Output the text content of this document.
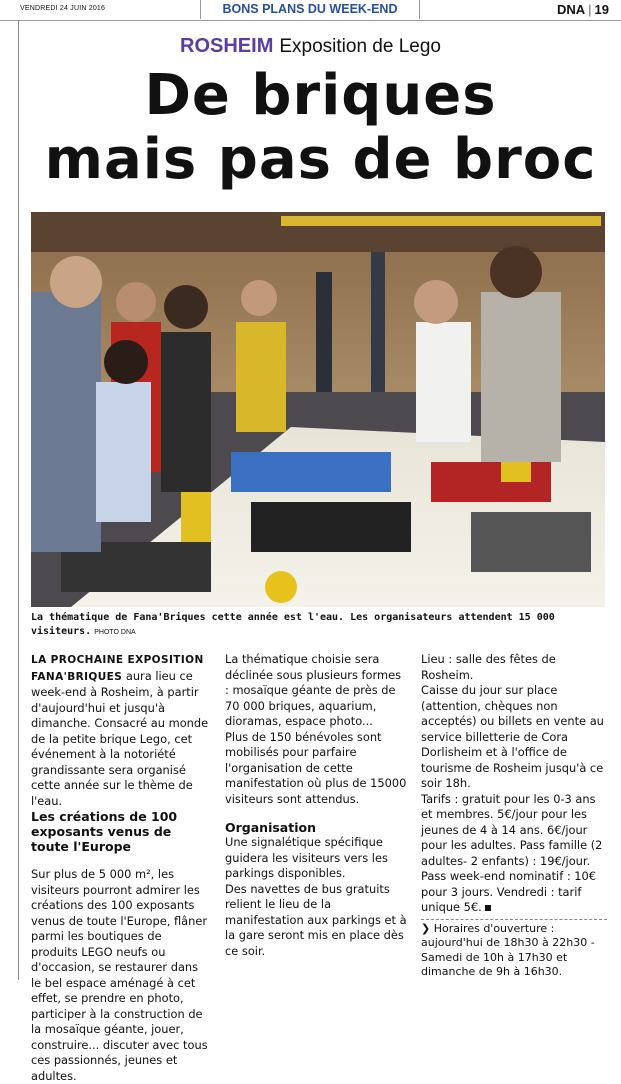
VENDREDI 24 JUIN 2016	BONS PLANS DU WEEK-END	DNA | 19
ROSHEIM Exposition de Lego
De briques
mais pas de broc
La thématique de Fana'Briques cette année est l'eau. Les organisateurs attendent 15 000 visiteurs. PHOTO DNA

LA PROCHAINE EXPOSITION FANA'BRIQUES aura lieu ce week-end à Rosheim, à partir d'aujourd'hui et jusqu'à dimanche. Consacré au monde de la petite brique Lego, cet événement à la notoriété grandissante sera organisé cette année sur le thème de l'eau.

Les créations de 100 exposants venus de toute l'Europe

Sur plus de 5 000 m², les visiteurs pourront admirer les créations des 100 exposants venus de toute l'Europe, flâner parmi les boutiques de produits LEGO neufs ou d'occasion, se restaurer dans le bel espace aménagé à cet effet, se prendre en photo, participer à la construction de la mosaïque géante, jouer, construire... discuter avec tous ces passionnés, jeunes et adultes.

La thématique choisie sera déclinée sous plusieurs formes : mosaïque géante de près de 70 000 briques, aquarium, dioramas, espace photo...

Plus de 150 bénévoles sont mobilisés pour parfaire l'organisation de cette manifestation où plus de 15000 visiteurs sont attendus.

Organisation

Une signalétique spécifique guidera les visiteurs vers les parkings disponibles.

Des navettes de bus gratuits relient le lieu de la manifestation aux parkings et à la gare seront mis en place dès ce soir.

Lieu : salle des fêtes de Rosheim.

Caisse du jour sur place (attention, chèques non acceptés) ou billets en vente au service billetterie de Cora Dorlisheim et à l'office de tourisme de Rosheim jusqu'à ce soir 18h.

Tarifs : gratuit pour les 0-3 ans et membres. 5€/jour pour les jeunes de 4 à 14 ans. 6€/jour pour les adultes. Pass famille (2 adultes- 2 enfants) : 19€/jour. Pass week-end nominatif : 10€ pour 3 jours. Vendredi : tarif unique 5€.

❯ Horaires d'ouverture :
aujourd'hui de 18h30 à 22h30 -
Samedi de 10h à 17h30 et
dimanche de 9h à 16h30.
